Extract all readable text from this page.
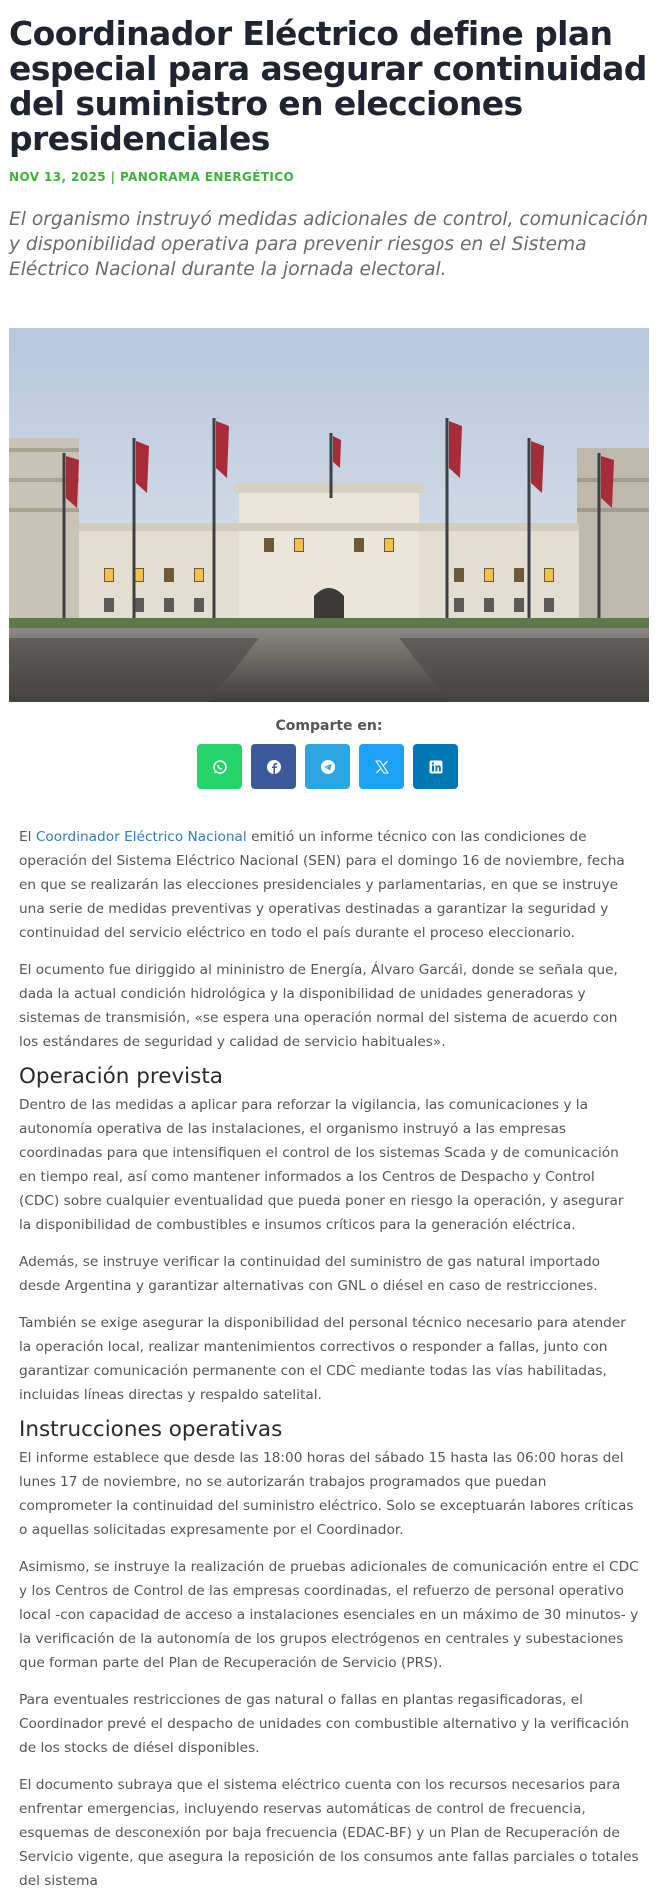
Coordinador Eléctrico define plan especial para asegurar continuidad del suministro en elecciones presidenciales
NOV 13, 2025 | PANORAMA ENERGÉTICO
El organismo instruyó medidas adicionales de control, comunicación y disponibilidad operativa para prevenir riesgos en el Sistema Eléctrico Nacional durante la jornada electoral.
Comparte en:

El Coordinador Eléctrico Nacional emitió un informe técnico con las condiciones de operación del Sistema Eléctrico Nacional (SEN) para el domingo 16 de noviembre, fecha en que se realizarán las elecciones presidenciales y parlamentarias, en que se instruye una serie de medidas preventivas y operativas destinadas a garantizar la seguridad y continuidad del servicio eléctrico en todo el país durante el proceso eleccionario.

El ocumento fue diriggido al mininistro de Energía, Álvaro Garcái, donde se señala que, dada la actual condición hidrológica y la disponibilidad de unidades generadoras y sistemas de transmisión, «se espera una operación normal del sistema de acuerdo con los estándares de seguridad y calidad de servicio habituales».

Operación prevista

Dentro de las medidas a aplicar para reforzar la vigilancia, las comunicaciones y la autonomía operativa de las instalaciones, el organismo instruyó a las empresas coordinadas para que intensifiquen el control de los sistemas Scada y de comunicación en tiempo real, así como mantener informados a los Centros de Despacho y Control (CDC) sobre cualquier eventualidad que pueda poner en riesgo la operación, y asegurar la disponibilidad de combustibles e insumos críticos para la generación eléctrica.

Además, se instruye verificar la continuidad del suministro de gas natural importado desde Argentina y garantizar alternativas con GNL o diésel en caso de restricciones.

También se exige asegurar la disponibilidad del personal técnico necesario para atender la operación local, realizar mantenimientos correctivos o responder a fallas, junto con garantizar comunicación permanente con el CDC mediante todas las vías habilitadas, incluidas líneas directas y respaldo satelital.

Instrucciones operativas

El informe establece que desde las 18:00 horas del sábado 15 hasta las 06:00 horas del lunes 17 de noviembre, no se autorizarán trabajos programados que puedan comprometer la continuidad del suministro eléctrico. Solo se exceptuarán labores críticas o aquellas solicitadas expresamente por el Coordinador.

Asimismo, se instruye la realización de pruebas adicionales de comunicación entre el CDC y los Centros de Control de las empresas coordinadas, el refuerzo de personal operativo local -con capacidad de acceso a instalaciones esenciales en un máximo de 30 minutos- y la verificación de la autonomía de los grupos electrógenos en centrales y subestaciones que forman parte del Plan de Recuperación de Servicio (PRS).

Para eventuales restricciones de gas natural o fallas en plantas regasificadoras, el Coordinador prevé el despacho de unidades con combustible alternativo y la verificación de los stocks de diésel disponibles.

El documento subraya que el sistema eléctrico cuenta con los recursos necesarios para enfrentar emergencias, incluyendo reservas automáticas de control de frecuencia, esquemas de desconexión por baja frecuencia (EDAC-BF) y un Plan de Recuperación de Servicio vigente, que asegura la reposición de los consumos ante fallas parciales o totales del sistema
